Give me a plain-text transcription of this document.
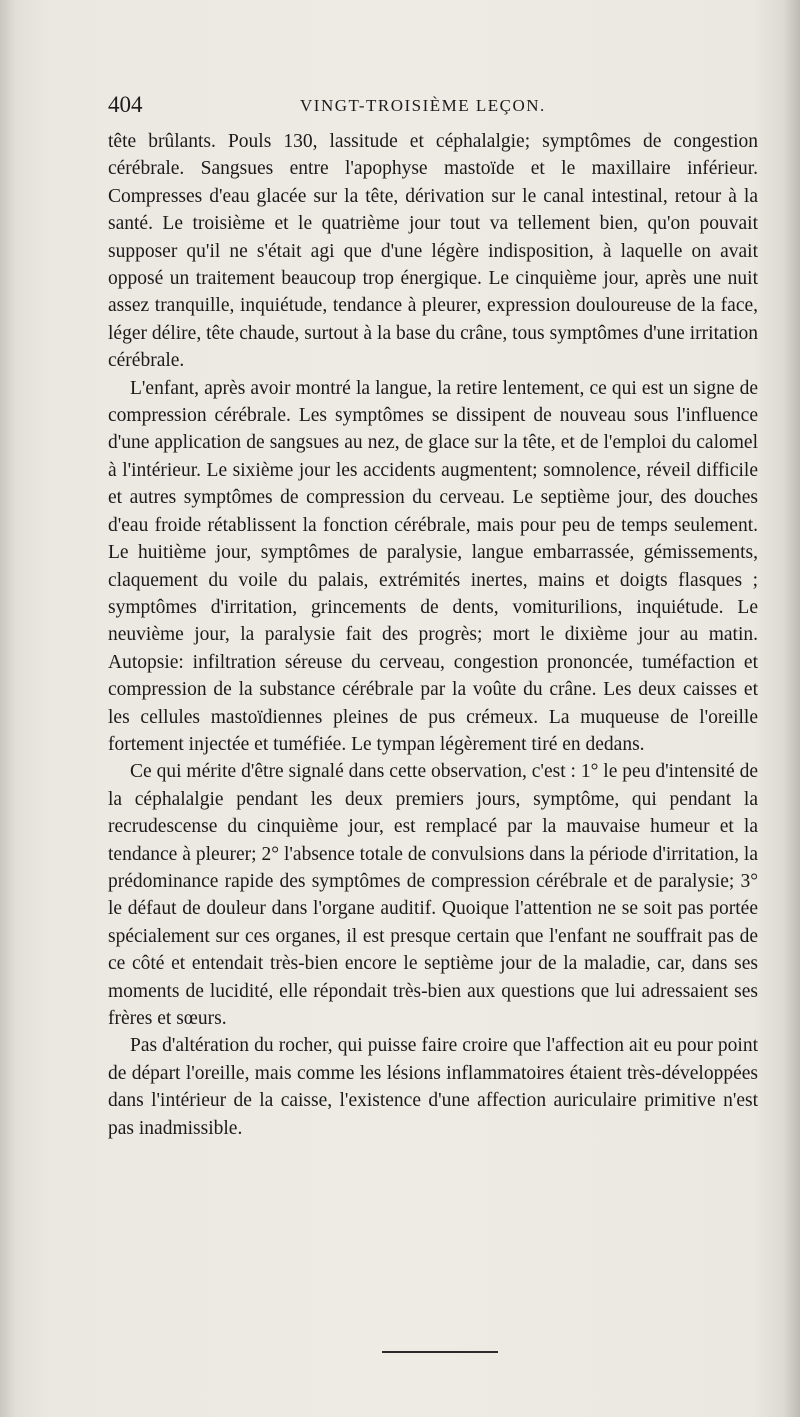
404	VINGT-TROISIÈME LEÇON.

tête brûlants. Pouls 130, lassitude et céphalalgie; symptômes de congestion cérébrale. Sangsues entre l'apophyse mastoïde et le maxillaire inférieur. Compresses d'eau glacée sur la tête, dérivation sur le canal intestinal, retour à la santé. Le troisième et le quatrième jour tout va tellement bien, qu'on pouvait supposer qu'il ne s'était agi que d'une légère indisposition, à laquelle on avait opposé un traitement beaucoup trop énergique. Le cinquième jour, après une nuit assez tranquille, inquiétude, tendance à pleurer, expression douloureuse de la face, léger délire, tête chaude, surtout à la base du crâne, tous symptômes d'une irritation cérébrale.

L'enfant, après avoir montré la langue, la retire lentement, ce qui est un signe de compression cérébrale. Les symptômes se dissipent de nouveau sous l'influence d'une application de sangsues au nez, de glace sur la tête, et de l'emploi du calomel à l'intérieur. Le sixième jour les accidents augmentent; somnolence, réveil difficile et autres symptômes de compression du cerveau. Le septième jour, des douches d'eau froide rétablissent la fonction cérébrale, mais pour peu de temps seulement. Le huitième jour, symptômes de paralysie, langue embarrassée, gémissements, claquement du voile du palais, extrémités inertes, mains et doigts flasques ; symptômes d'irritation, grincements de dents, vomiturilions, inquiétude. Le neuvième jour, la paralysie fait des progrès; mort le dixième jour au matin. Autopsie: infiltration séreuse du cerveau, congestion prononcée, tuméfaction et compression de la substance cérébrale par la voûte du crâne. Les deux caisses et les cellules mastoïdiennes pleines de pus crémeux. La muqueuse de l'oreille fortement injectée et tuméfiée. Le tympan légèrement tiré en dedans.

Ce qui mérite d'être signalé dans cette observation, c'est : 1° le peu d'intensité de la céphalalgie pendant les deux premiers jours, symptôme, qui pendant la recrudescense du cinquième jour, est remplacé par la mauvaise humeur et la tendance à pleurer; 2° l'absence totale de convulsions dans la période d'irritation, la prédominance rapide des symptômes de compression cérébrale et de paralysie; 3° le défaut de douleur dans l'organe auditif. Quoique l'attention ne se soit pas portée spécialement sur ces organes, il est presque certain que l'enfant ne souffrait pas de ce côté et entendait très-bien encore le septième jour de la maladie, car, dans ses moments de lucidité, elle répondait très-bien aux questions que lui adressaient ses frères et sœurs.

Pas d'altération du rocher, qui puisse faire croire que l'affection ait eu pour point de départ l'oreille, mais comme les lésions inflammatoires étaient très-développées dans l'intérieur de la caisse, l'existence d'une affection auriculaire primitive n'est pas inadmissible.
